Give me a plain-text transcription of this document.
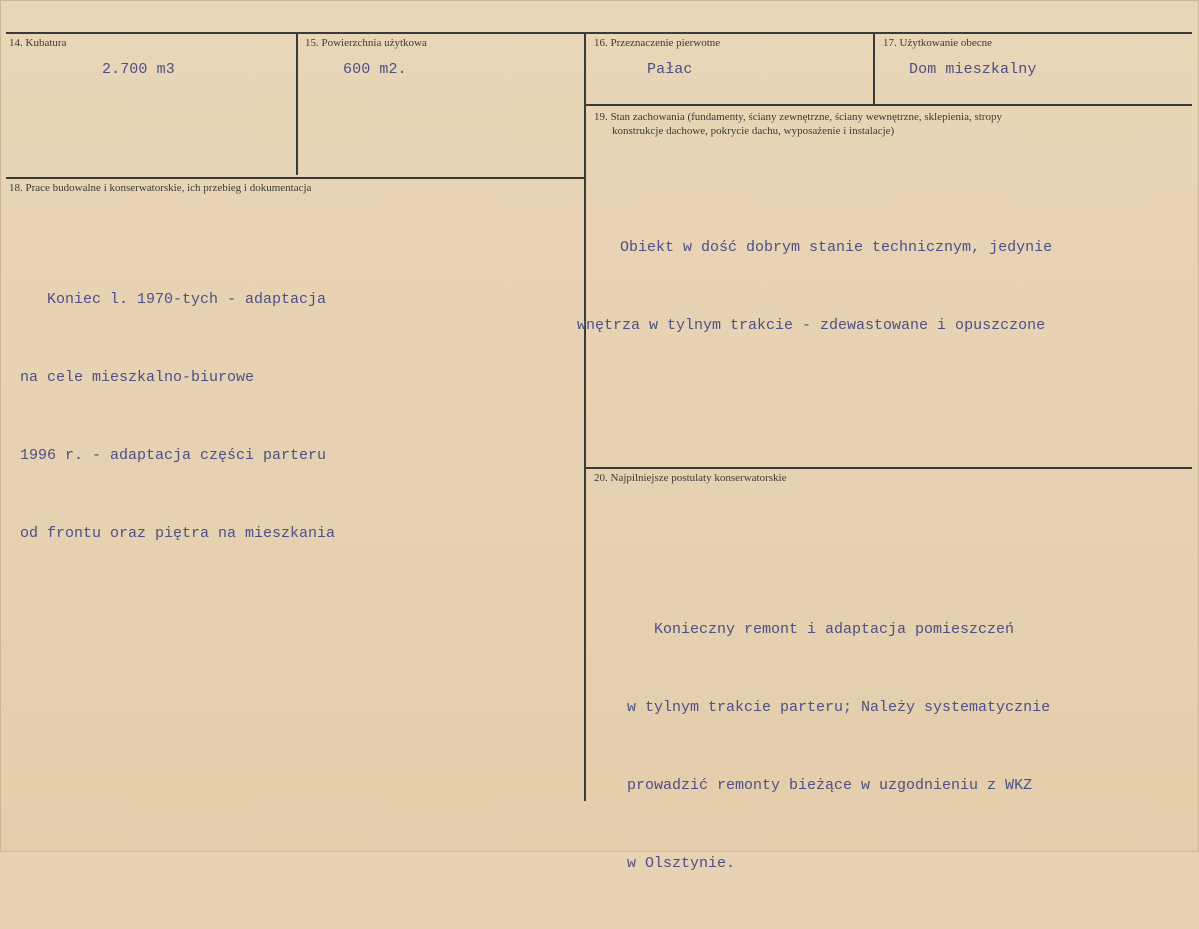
14. Kubatura
2.700 m3
15. Powierzchnia użytkowa
600 m2.
16. Przeznaczenie pierwotne
Pałac
17. Użytkowanie obecne
Dom mieszkalny
19. Stan zachowania (fundamenty, ściany zewnętrzne, ściany wewnętrzne, sklepienia, stropy
konstrukcje dachowe, pokrycie dachu, wyposażenie i instalacje)

Obiekt w dość dobrym stanie technicznym, jedynie

wnętrza w tylnym trakcie - zdewastowane i opuszczone

18. Prace budowalne i konserwatorskie, ich przebieg i dokumentacja

Koniec l. 1970-tych - adaptacja

na cele mieszkalno-biurowe

1996 r. - adaptacja części parteru

od frontu oraz piętra na mieszkania

20. Najpilniejsze postulaty konserwatorskie

Konieczny remont i adaptacja pomieszczeń

w tylnym trakcie parteru; Należy systematycznie

prowadzić remonty bieżące w uzgodnieniu z WKZ

w Olsztynie.
